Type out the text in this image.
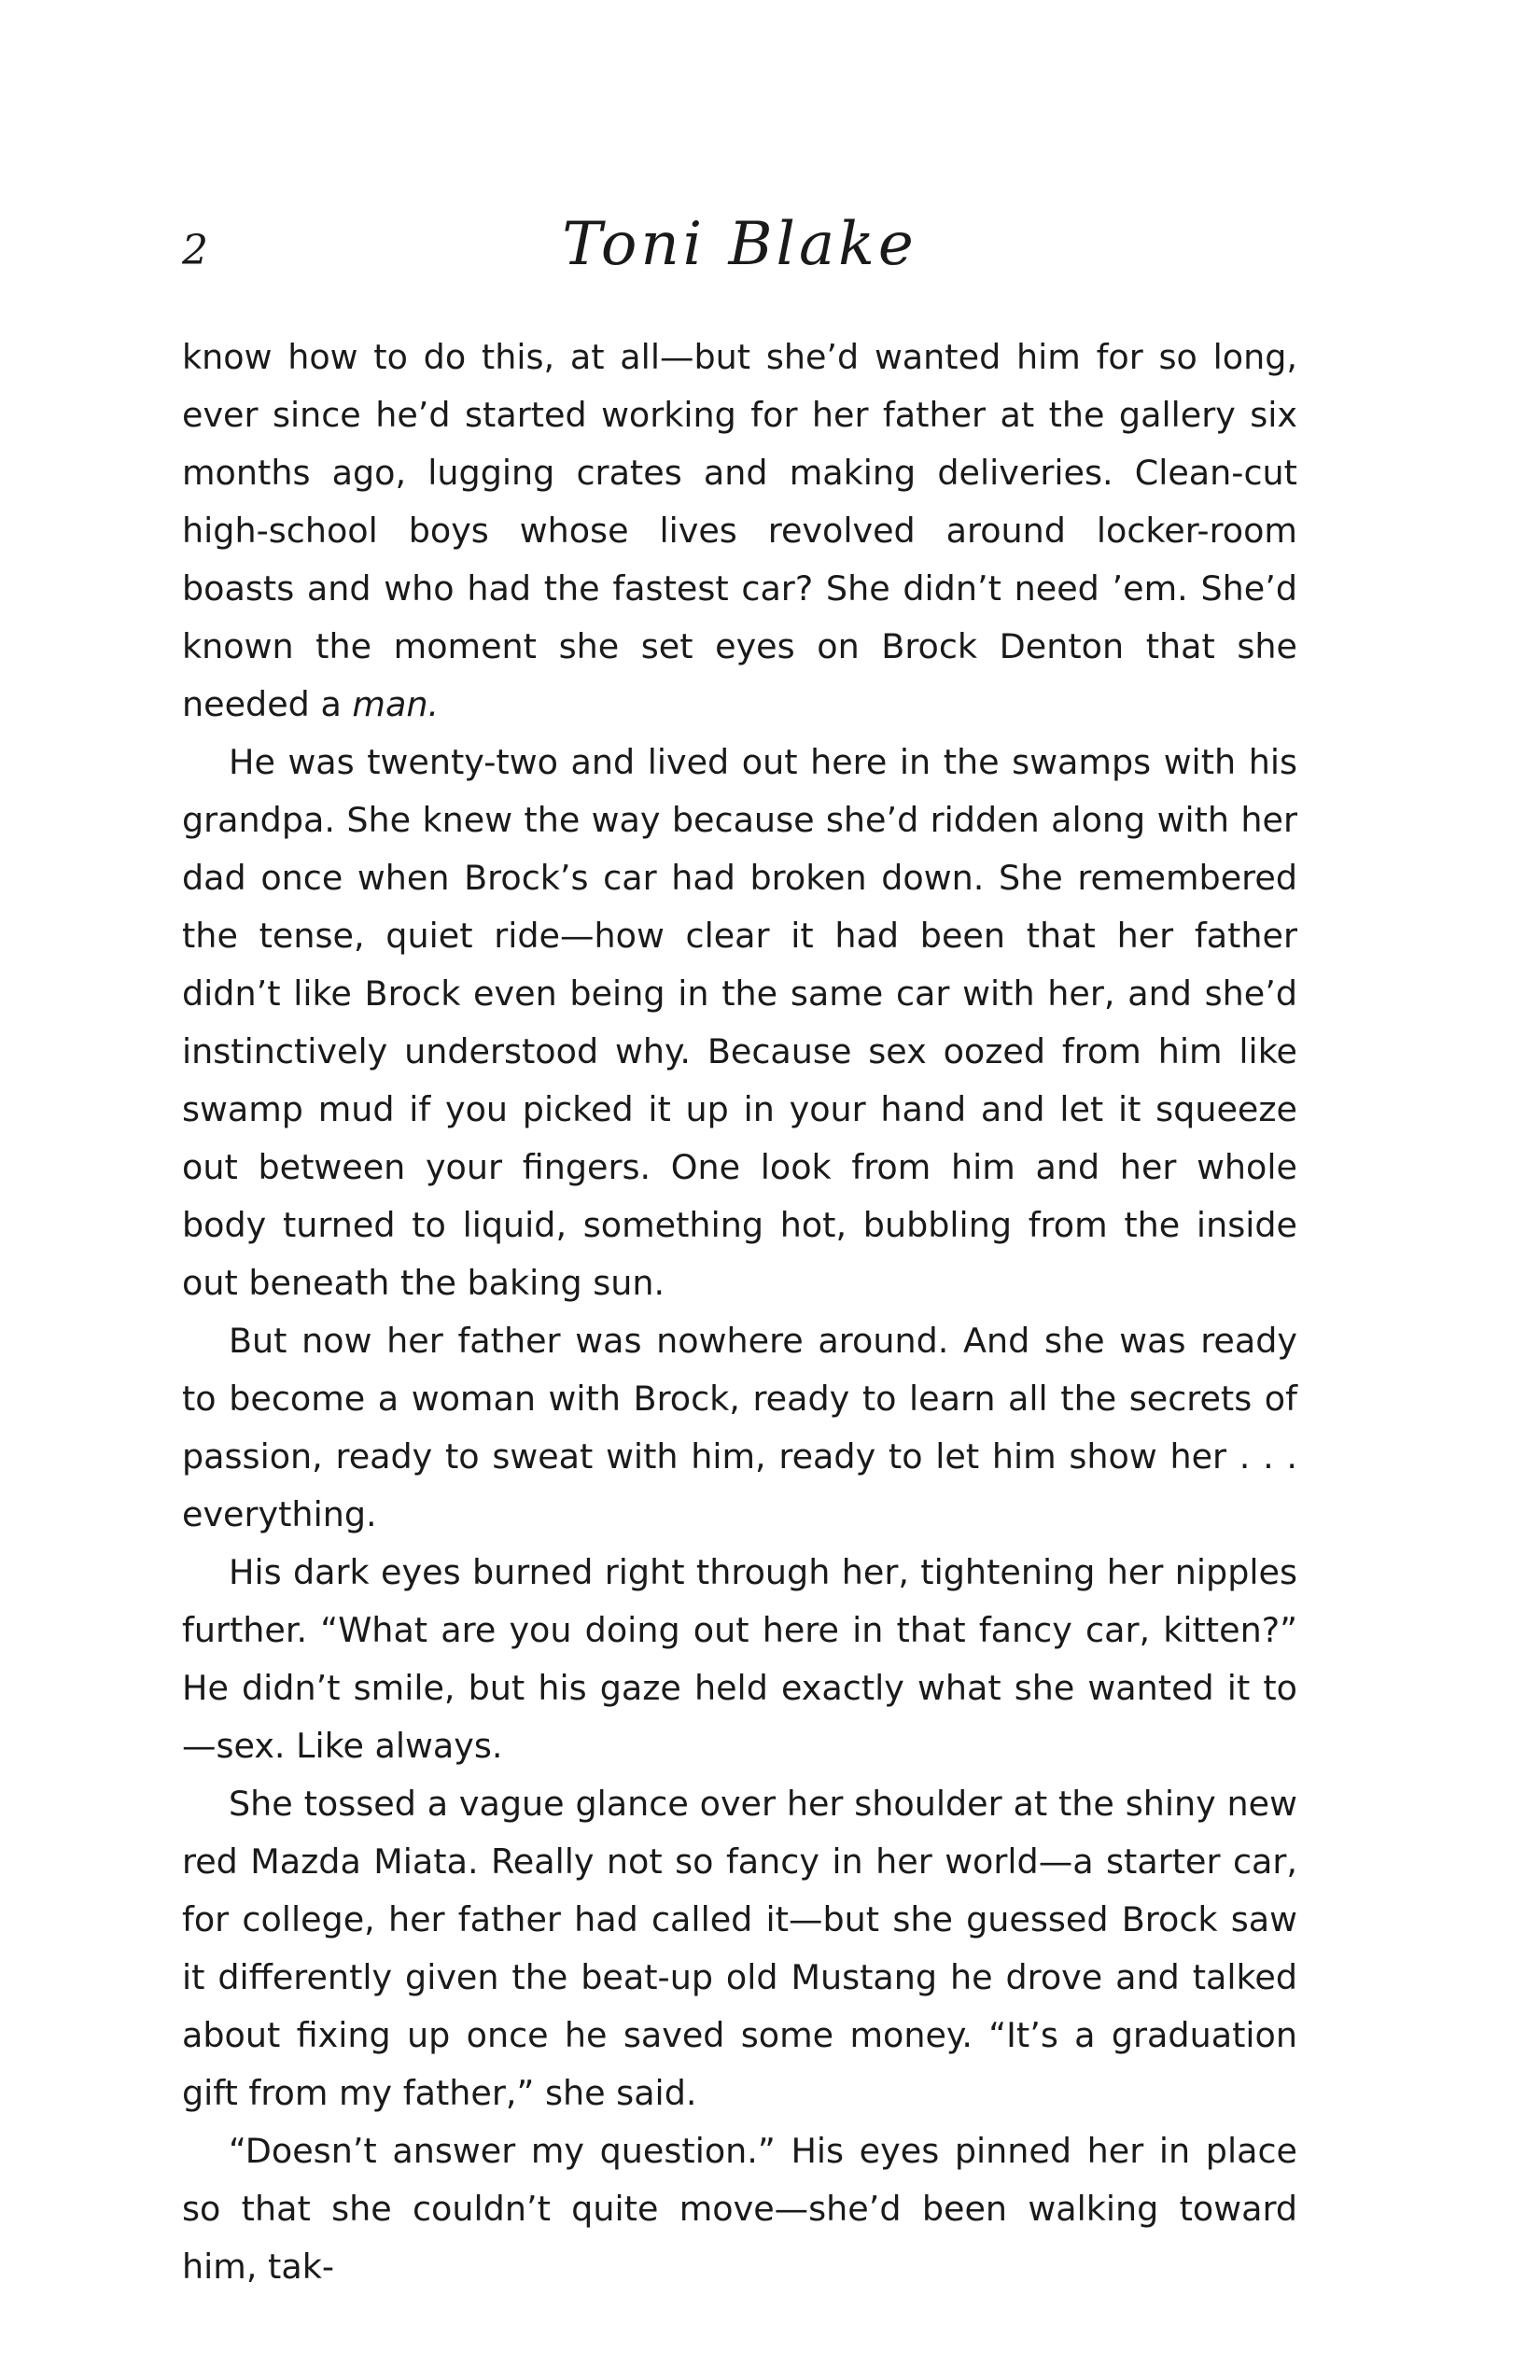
2	Toni Blake

know how to do this, at all—but she’d wanted him for so long, ever since he’d started working for her father at the gallery six months ago, lugging crates and making deliveries. Clean-cut high-school boys whose lives revolved around locker-room boasts and who had the fastest car? She didn’t need ’em. She’d known the moment she set eyes on Brock Denton that she needed a man.

He was twenty-two and lived out here in the swamps with his grandpa. She knew the way because she’d ridden along with her dad once when Brock’s car had broken down. She remembered the tense, quiet ride—how clear it had been that her father didn’t like Brock even being in the same car with her, and she’d instinctively understood why. Because sex oozed from him like swamp mud if you picked it up in your hand and let it squeeze out between your fingers. One look from him and her whole body turned to liquid, something hot, bubbling from the inside out beneath the baking sun.

But now her father was nowhere around. And she was ready to become a woman with Brock, ready to learn all the secrets of passion, ready to sweat with him, ready to let him show her . . . everything.

His dark eyes burned right through her, tightening her nipples further. “What are you doing out here in that fancy car, kitten?” He didn’t smile, but his gaze held exactly what she wanted it to—sex. Like always.

She tossed a vague glance over her shoulder at the shiny new red Mazda Miata. Really not so fancy in her world—a starter car, for college, her father had called it—but she guessed Brock saw it differently given the beat-up old Mustang he drove and talked about fixing up once he saved some money. “It’s a graduation gift from my father,” she said.

“Doesn’t answer my question.” His eyes pinned her in place so that she couldn’t quite move—she’d been walking toward him, tak-
